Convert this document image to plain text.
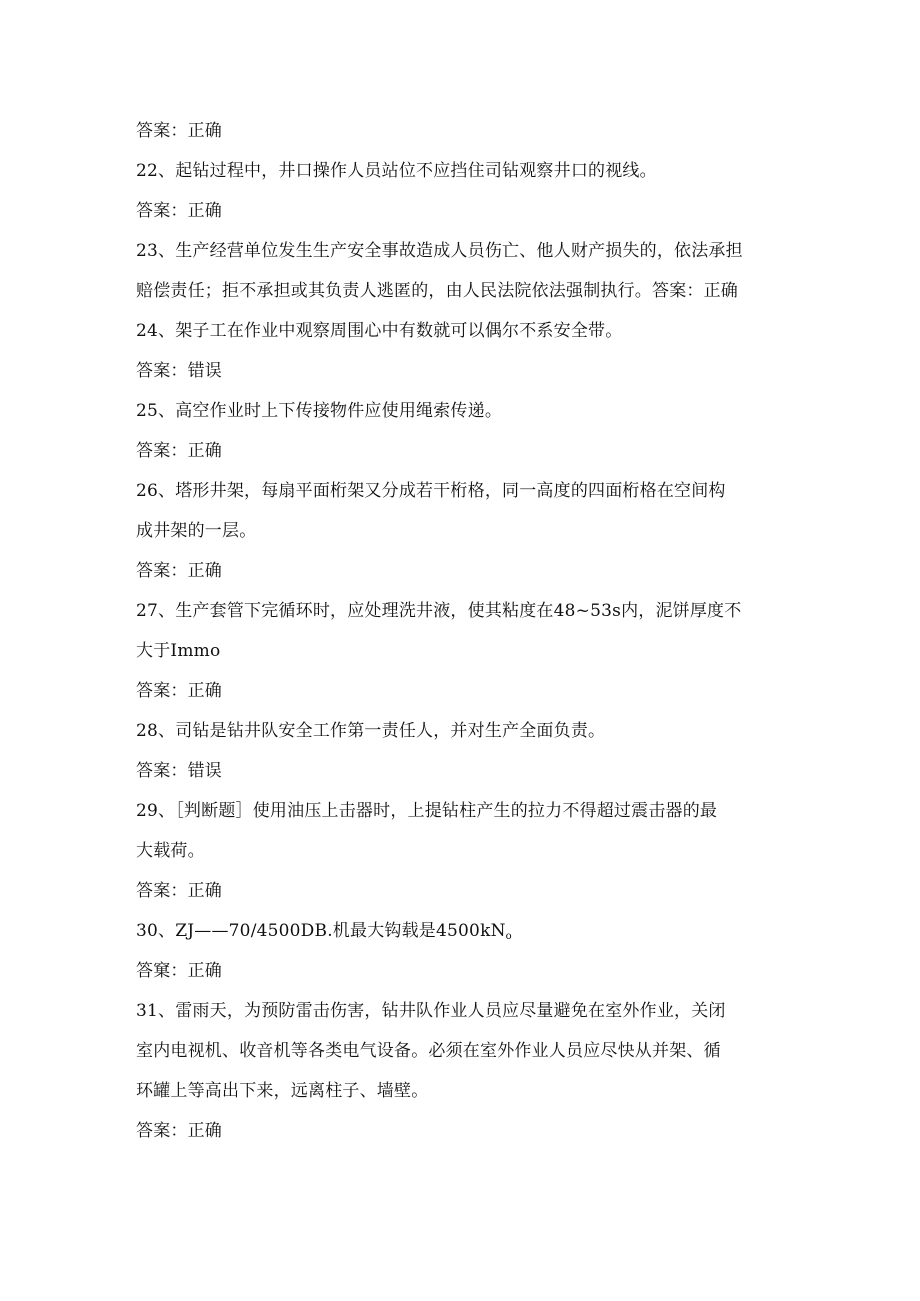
答案：正确
22、起钻过程中，井口操作人员站位不应挡住司钻观察井口的视线。
答案：正确
23、生产经营单位发生生产安全事故造成人员伤亡、他人财产损失的，依法承担
赔偿责任；拒不承担或其负责人逃匿的，由人民法院依法强制执行。答案：正确
24、架子工在作业中观察周围心中有数就可以偶尔不系安全带。
答案：错误
25、高空作业时上下传接物件应使用绳索传递。
答案：正确
26、塔形井架，每扇平面桁架又分成若干桁格，同一高度的四面桁格在空间构
成井架的一层。
答案：正确
27、生产套管下完循环时，应处理洗井液，使其粘度在48~53s内，泥饼厚度不
大于Immo
答案：正确
28、司钻是钻井队安全工作第一责任人，并对生产全面负责。
答案：错误
29、［判断题］使用油压上击器时，上提钻柱产生的拉力不得超过震击器的最
大载荷。
答案：正确
30、ZJ——70/4500DB.机最大钩载是$4500kN_o$
答窠：正确
31、雷雨天，为预防雷击伤害，钻井队作业人员应尽量避免在室外作业，关闭
室内电视机、收音机等各类电气设备。必须在室外作业人员应尽快从并架、循
环罐上等高出下来，远离柱子、墙壁。
答案：正确
